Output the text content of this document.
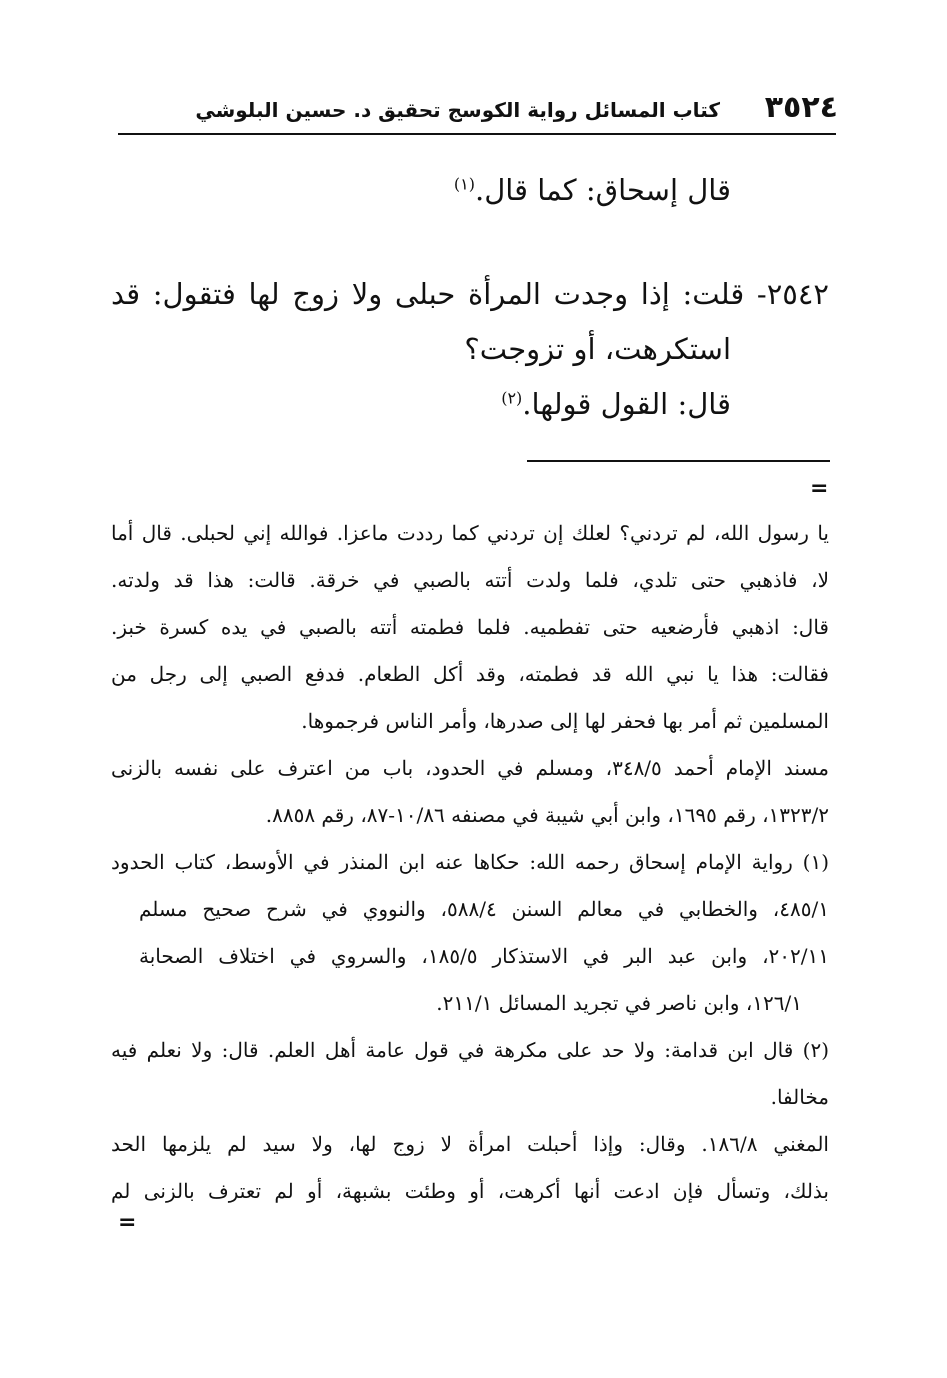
٣٥٢٤
كتاب المسائل رواية الكوسج تحقيق د. حسين البلوشي
قال إسحاق: كما قال.$^{(١)}$
٢٥٤٢- قلت: إذا وجدت المرأة حبلى ولا زوج لها فتقول: قد
استكرهت، أو تزوجت؟
قال: القول قولها.$^{(٢)}$
=
يا رسول الله، لم تردني؟ لعلك إن تردني كما رددت ماعزا. فوالله إني لحبلى. قال أما
لا، فاذهبي حتى تلدي، فلما ولدت أتته بالصبي في خرقة. قالت: هذا قد ولدته.
قال: اذهبي فأرضعيه حتى تفطميه. فلما فطمته أتته بالصبي في يده كسرة خبز.
فقالت: هذا يا نبي الله قد فطمته، وقد أكل الطعام. فدفع الصبي إلى رجل من
المسلمين ثم أمر بها فحفر لها إلى صدرها، وأمر الناس فرجموها.
مسند الإمام أحمد ٣٤٨/٥، ومسلم في الحدود، باب من اعترف على نفسه بالزنى
١٣٢٣/٢، رقم ١٦٩٥، وابن أبي شيبة في مصنفه ١٠/٨٦-٨٧، رقم ٨٨٥٨.
(١) رواية الإمام إسحاق رحمه الله: حكاها عنه ابن المنذر في الأوسط، كتاب الحدود
٤٨٥/١، والخطابي في معالم السنن ٥٨٨/٤، والنووي في شرح صحيح مسلم
٢٠٢/١١، وابن عبد البر في الاستذكار ١٨٥/٥، والسروي في اختلاف الصحابة
١٢٦/١، وابن ناصر في تجريد المسائل ٢١١/١.
(٢) قال ابن قدامة: ولا حد على مكرهة في قول عامة أهل العلم. قال: ولا نعلم فيه
مخالفا.
المغني ١٨٦/٨. وقال: وإذا أحبلت امرأة لا زوج لها، ولا سيد لم يلزمها الحد
بذلك، وتسأل فإن ادعت أنها أكرهت، أو وطئت بشبهة، أو لم تعترف بالزنى لم
=
